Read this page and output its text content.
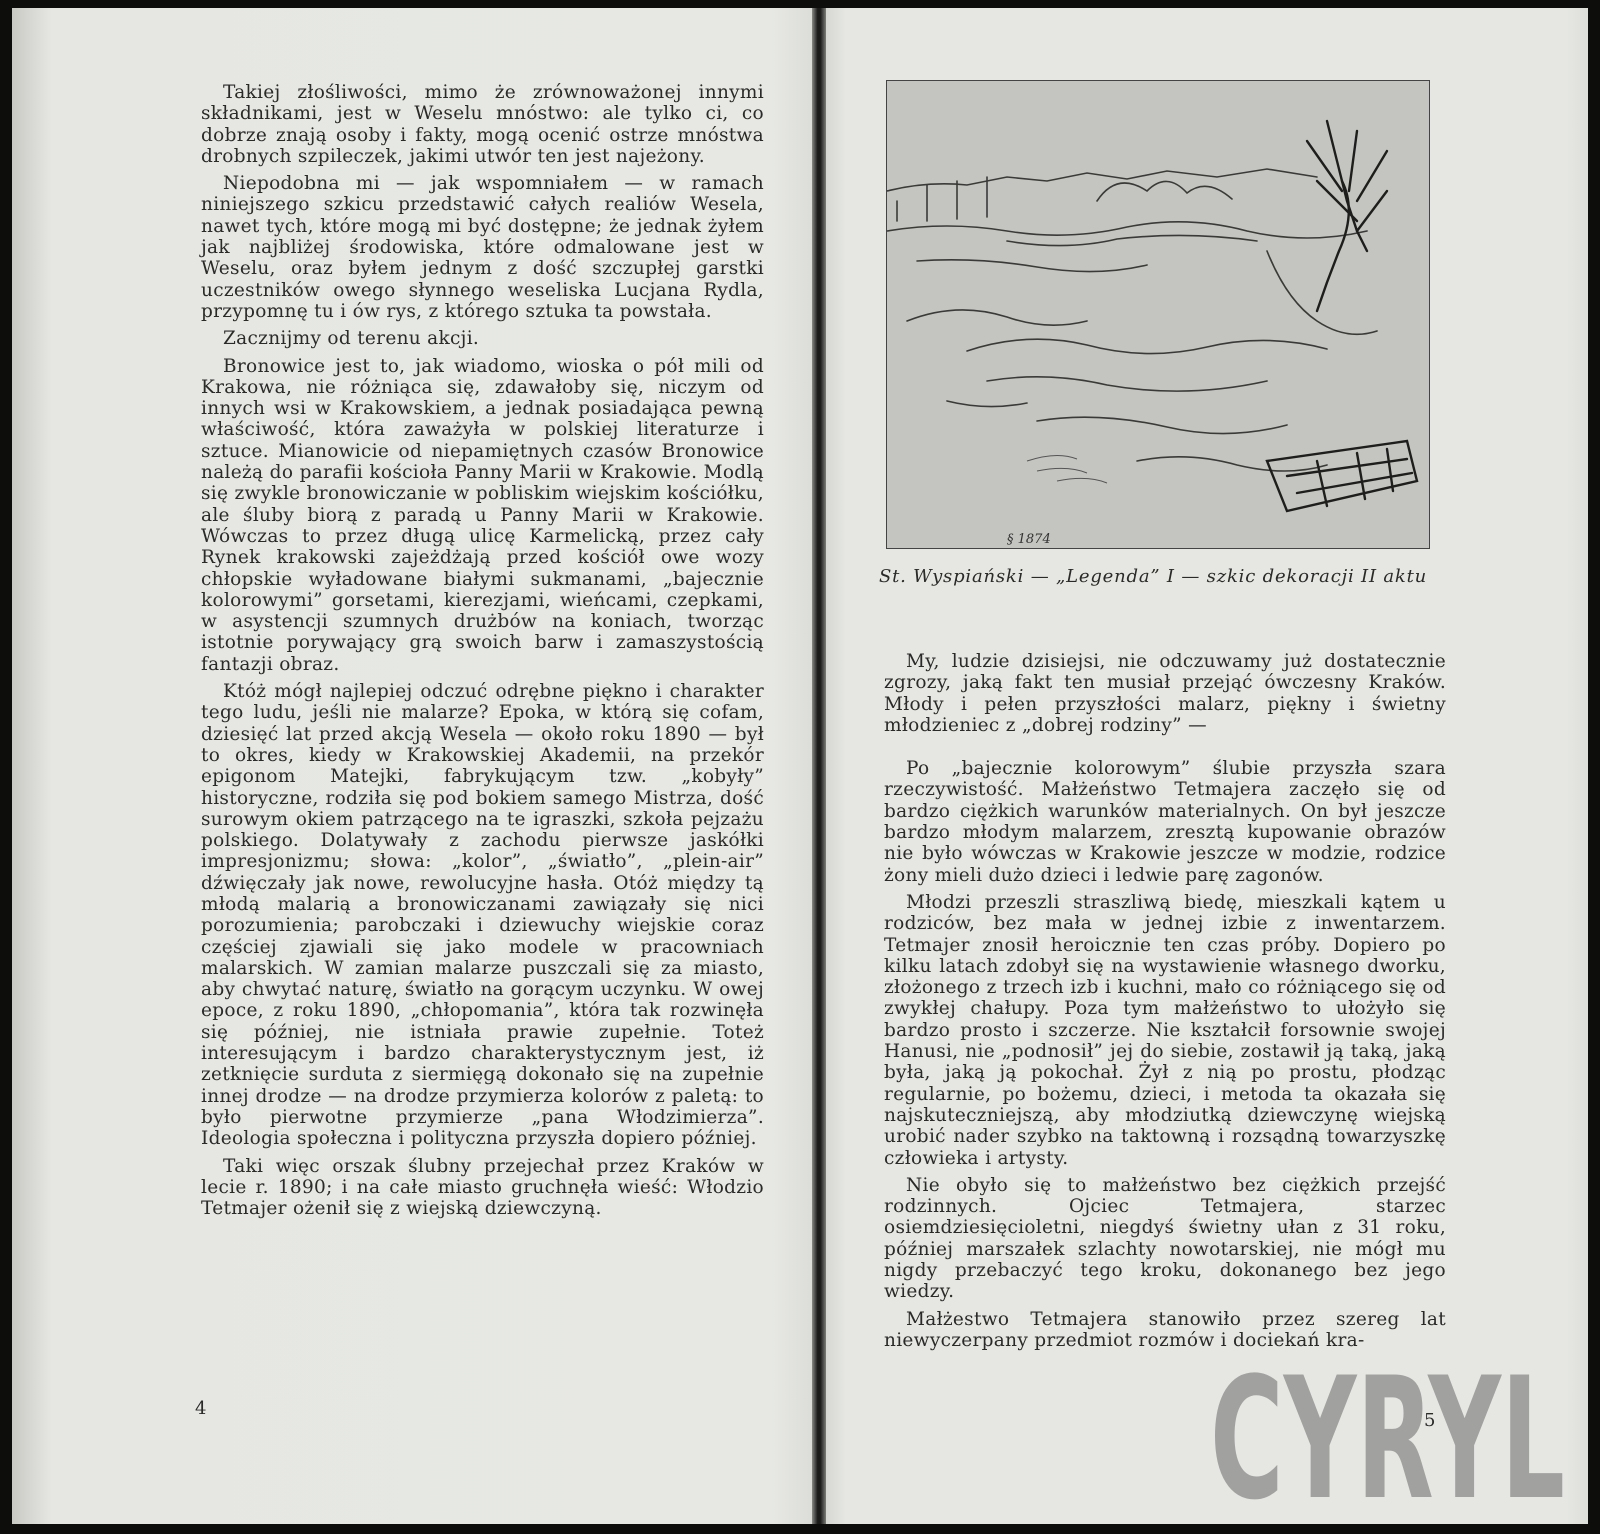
Takiej złośliwości, mimo że zrównoważonej innymi składnikami, jest w Weselu mnóstwo: ale tylko ci, co dobrze znają osoby i fakty, mogą ocenić ostrze mnóstwa drobnych szpileczek, jakimi utwór ten jest najeżony.

Niepodobna mi — jak wspomniałem — w ramach niniejszego szkicu przedstawić całych realiów Wesela, nawet tych, które mogą mi być dostępne; że jednak żyłem jak najbliżej środowiska, które odmalowane jest w Weselu, oraz byłem jednym z dość szczupłej garstki uczestników owego słynnego weseliska Lucjana Rydla, przypomnę tu i ów rys, z którego sztuka ta powstała.

Zacznijmy od terenu akcji.

Bronowice jest to, jak wiadomo, wioska o pół mili od Krakowa, nie różniąca się, zdawałoby się, niczym od innych wsi w Krakowskiem, a jednak posiadająca pewną właściwość, która zaważyła w polskiej literaturze i sztuce. Mianowicie od niepamiętnych czasów Bronowice należą do parafii kościoła Panny Marii w Krakowie. Modlą się zwykle bronowiczanie w pobliskim wiejskim kościółku, ale śluby biorą z paradą u Panny Marii w Krakowie. Wówczas to przez długą ulicę Karmelicką, przez cały Rynek krakowski zajeżdżają przed kościół owe wozy chłopskie wyładowane białymi sukmanami, „bajecznie kolorowymi” gorsetami, kierezjami, wieńcami, czepkami, w asystencji szumnych drużbów na koniach, tworząc istotnie porywający grą swoich barw i zamaszystością fantazji obraz.

Któż mógł najlepiej odczuć odrębne piękno i charakter tego ludu, jeśli nie malarze? Epoka, w którą się cofam, dziesięć lat przed akcją Wesela — około roku 1890 — był to okres, kiedy w Krakowskiej Akademii, na przekór epigonom Matejki, fabrykującym tzw. „kobyły” historyczne, rodziła się pod bokiem samego Mistrza, dość surowym okiem patrzącego na te igraszki, szkoła pejzażu polskiego. Dolatywały z zachodu pierwsze jaskółki impresjonizmu; słowa: „kolor”, „światło”, „plein-air” dźwięczały jak nowe, rewolucyjne hasła. Otóż między tą młodą malarią a bronowiczanami zawiązały się nici porozumienia; parobczaki i dziewuchy wiejskie coraz częściej zjawiali się jako modele w pracowniach malarskich. W zamian malarze puszczali się za miasto, aby chwytać naturę, światło na gorącym uczynku. W owej epoce, z roku 1890, „chłopomania”, która tak rozwinęła się później, nie istniała prawie zupełnie. Toteż interesującym i bardzo charakterystycznym jest, iż zetknięcie surduta z siermięgą dokonało się na zupełnie innej drodze — na drodze przymierza kolorów z paletą: to było pierwotne przymierze „pana Włodzimierza”. Ideologia społeczna i polityczna przyszła dopiero później.

Taki więc orszak ślubny przejechał przez Kraków w lecie r. 1890; i na całe miasto gruchnęła wieść: Włodzio Tetmajer ożenił się z wiejską dziewczyną.

4
§ 1874
St. Wyspiański — „Legenda” I — szkic dekoracji II aktu

My, ludzie dzisiejsi, nie odczuwamy już dostatecznie zgrozy, jaką fakt ten musiał przejąć ówczesny Kraków. Młody i pełen przyszłości malarz, piękny i świetny młodzieniec z „dobrej rodziny” —

Po „bajecznie kolorowym” ślubie przyszła szara rzeczywistość. Małżeństwo Tetmajera zaczęło się od bardzo ciężkich warunków materialnych. On był jeszcze bardzo młodym malarzem, zresztą kupowanie obrazów nie było wówczas w Krakowie jeszcze w modzie, rodzice żony mieli dużo dzieci i ledwie parę zagonów.

Młodzi przeszli straszliwą biedę, mieszkali kątem u rodziców, bez mała w jednej izbie z inwentarzem. Tetmajer znosił heroicznie ten czas próby. Dopiero po kilku latach zdobył się na wystawienie własnego dworku, złożonego z trzech izb i kuchni, mało co różniącego się od zwykłej chałupy. Poza tym małżeństwo to ułożyło się bardzo prosto i szczerze. Nie kształcił forsownie swojej Hanusi, nie „podnosił” jej do siebie, zostawił ją taką, jaką była, jaką ją pokochał. Żył z nią po prostu, płodząc regularnie, po bożemu, dzieci, i metoda ta okazała się najskuteczniejszą, aby młodziutką dziewczynę wiejską urobić nader szybko na taktowną i rozsądną towarzyszkę człowieka i artysty.

Nie obyło się to małżeństwo bez ciężkich przejść rodzinnych. Ojciec Tetmajera, starzec osiemdziesięcioletni, niegdyś świetny ułan z 31 roku, później marszałek szlachty nowotarskiej, nie mógł mu nigdy przebaczyć tego kroku, dokonanego bez jego wiedzy.

Małżestwo Tetmajera stanowiło przez szereg lat niewyczerpany przedmiot rozmów i dociekań kra-

5
CYRYL
